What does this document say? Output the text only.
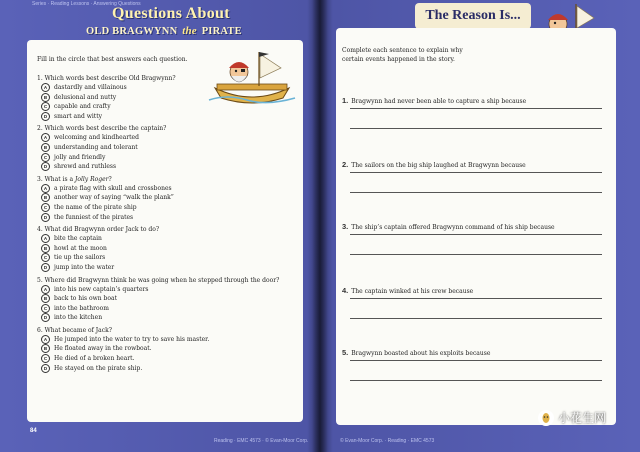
Series · Reading Lessons · Answering Questions
Questions About
OLD BRAGWYNN the PIRATE
Fill in the circle that best answers each question.
1. Which words best describe Old Bragwynn?
A dastardly and villainous
B delusional and nutty
C capable and crafty
D smart and witty
2. Which words best describe the captain?
A welcoming and kindhearted
B understanding and tolerant
C jolly and friendly
D shrewd and ruthless
3. What is a Jolly Roger?
A a pirate flag with skull and crossbones
B another way of saying “walk the plank”
C the name of the pirate ship
D the funniest of the pirates
4. What did Bragwynn order Jack to do?
A bite the captain
B howl at the moon
C tie up the sailors
D jump into the water
5. Where did Bragwynn think he was going when he stepped through the door?
A into his new captain’s quarters
B back to his own boat
C into the bathroom
D into the kitchen
6. What became of Jack?
A He jumped into the water to try to save his master.
B He floated away in the rowboat.
C He died of a broken heart.
D He stayed on the pirate ship.
84
Reading · EMC 4573 · © Evan-Moor Corp.
The Reason Is...
Complete each sentence to explain why certain events happened in the story.
1. Bragwynn had never been able to capture a ship because
2. The sailors on the big ship laughed at Bragwynn because
3. The ship’s captain offered Bragwynn command of his ship because
4. The captain winked at his crew because
5. Bragwynn boasted about his exploits because
© Evan-Moor Corp. · Reading · EMC 4573
小花生网
